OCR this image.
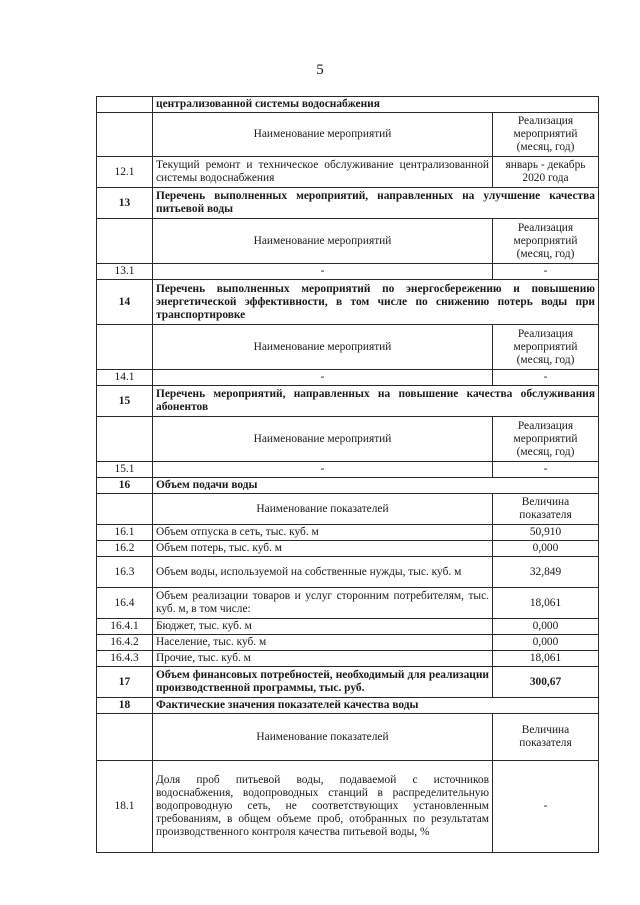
5
	централизованной системы водоснабжения	
	Наименование мероприятий	Реализация мероприятий (месяц, год)
12.1	Текущий ремонт и техническое обслуживание централизованной системы водоснабжения	январь - декабрь 2020 года
13	Перечень выполненных мероприятий, направленных на улучшение качества питьевой воды	
	Наименование мероприятий	Реализация мероприятий (месяц, год)
13.1	-	-
14	Перечень выполненных мероприятий по энергосбережению и повышению энергетической эффективности, в том числе по снижению потерь воды при транспортировке	
	Наименование мероприятий	Реализация мероприятий (месяц, год)
14.1	-	-
15	Перечень мероприятий, направленных на повышение качества обслуживания абонентов	
	Наименование мероприятий	Реализация мероприятий (месяц, год)
15.1	-	-
16	Объем подачи воды	
	Наименование показателей	Величина показателя
16.1	Объем отпуска в сеть, тыс. куб. м	50,910
16.2	Объем потерь, тыс. куб. м	0,000
16.3	Объем воды, используемой на собственные нужды, тыс. куб. м	32,849
16.4	Объем реализации товаров и услуг сторонним потребителям, тыс. куб. м, в том числе:	18,061
16.4.1	Бюджет, тыс. куб. м	0,000
16.4.2	Население, тыс. куб. м	0,000
16.4.3	Прочие, тыс. куб. м	18,061
17	Объем финансовых потребностей, необходимый для реализации производственной программы, тыс. руб.	300,67
18	Фактические значения показателей качества воды	
	Наименование показателей	Величина показателя
18.1	Доля проб питьевой воды, подаваемой с источников водоснабжения, водопроводных станций в распределительную водопроводную сеть, не соответствующих установленным требованиям, в общем объеме проб, отобранных по результатам производственного контроля качества питьевой воды, %	-
